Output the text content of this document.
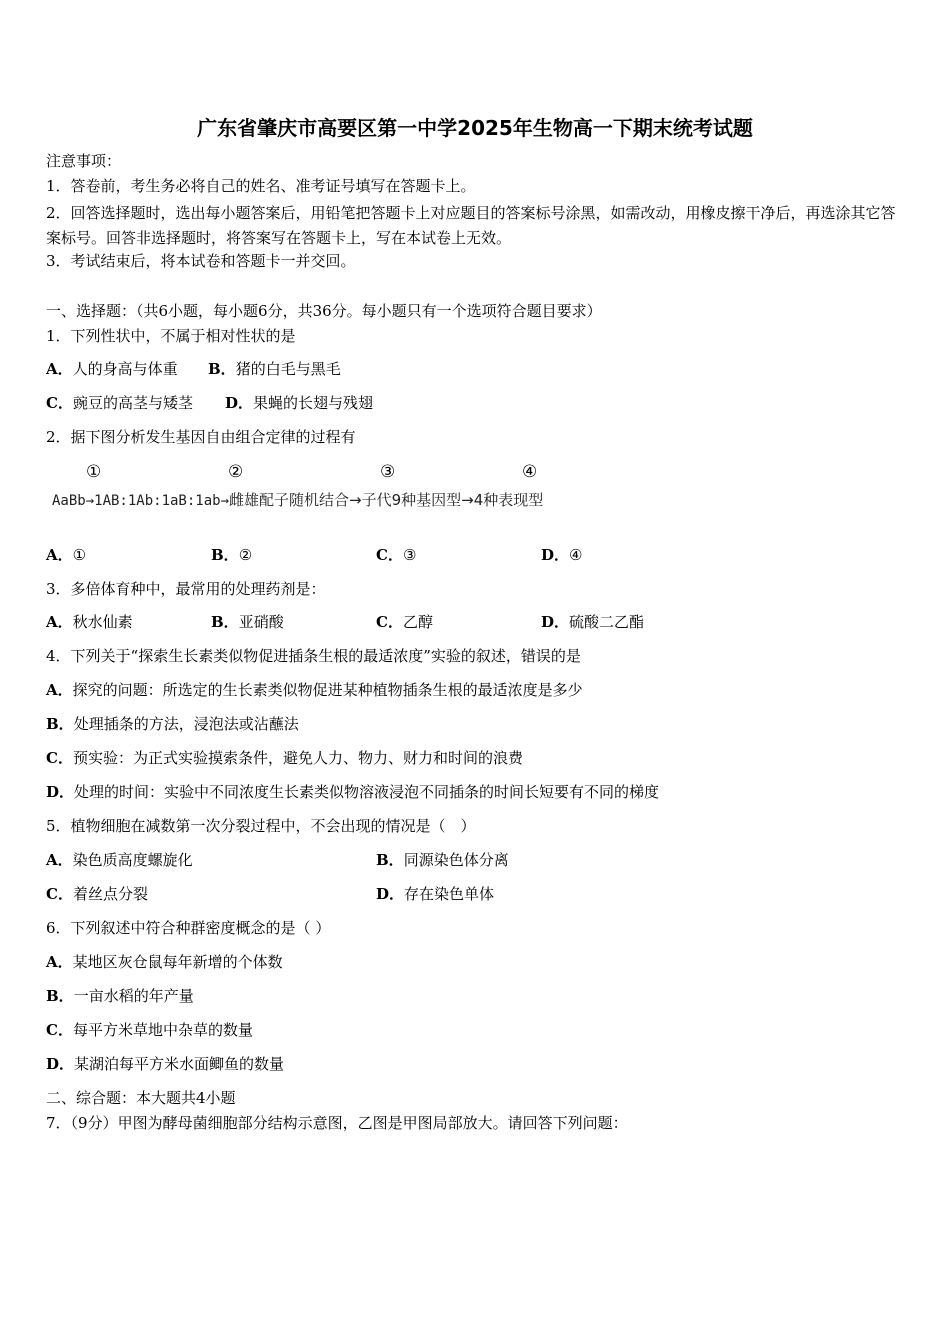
广东省肇庆市高要区第一中学2025年生物高一下期末统考试题
注意事项：
1．答卷前，考生务必将自己的姓名、准考证号填写在答题卡上。
2．回答选择题时，选出每小题答案后，用铅笔把答题卡上对应题目的答案标号涂黑，如需改动，用橡皮擦干净后，再选涂其它答案标号。回答非选择题时，将答案写在答题卡上，写在本试卷上无效。
3．考试结束后，将本试卷和答题卡一并交回。
一、选择题：（共6小题，每小题6分，共36分。每小题只有一个选项符合题目要求）
1．下列性状中，不属于相对性状的是
A．人的身高与体重 B．猪的白毛与黑毛
C．豌豆的高茎与矮茎 D．果蝇的长翅与残翅
2．据下图分析发生基因自由组合定律的过程有
①	②	③	④
AaBb→1AB:1Ab:1aB:1ab→雌雄配子随机结合→子代9种基因型→4种表现型
A．①	B．②	C．③	D．④
3．多倍体育种中，最常用的处理药剂是：
A．秋水仙素	B．亚硝酸	C．乙醇	D．硫酸二乙酯
4．下列关于“探索生长素类似物促进插条生根的最适浓度”实验的叙述，错误的是
A．探究的问题：所选定的生长素类似物促进某种植物插条生根的最适浓度是多少
B．处理插条的方法，浸泡法或沾蘸法
C．预实验：为正式实验摸索条件，避免人力、物力、财力和时间的浪费
D．处理的时间：实验中不同浓度生长素类似物溶液浸泡不同插条的时间长短要有不同的梯度
5．植物细胞在减数第一次分裂过程中，不会出现的情况是（　）
A．染色质高度螺旋化	B．同源染色体分离
C．着丝点分裂	D．存在染色单体
6．下列叙述中符合种群密度概念的是（ ）
A．某地区灰仓鼠每年新增的个体数
B．一亩水稻的年产量
C．每平方米草地中杂草的数量
D．某湖泊每平方米水面鲫鱼的数量
二、综合题：本大题共4小题
7．（9分）甲图为酵母菌细胞部分结构示意图，乙图是甲图局部放大。请回答下列问题：
